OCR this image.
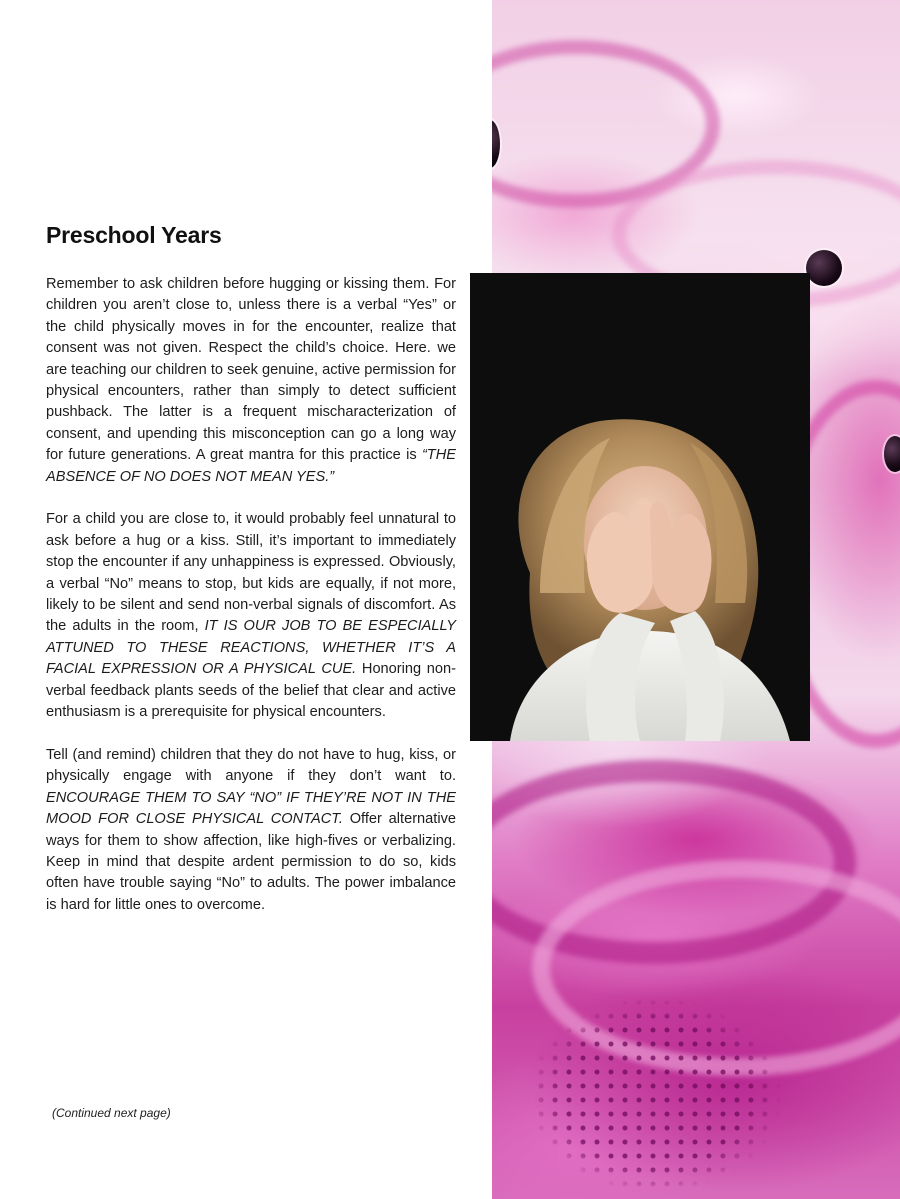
Preschool Years

Remember to ask children before hugging or kissing them. For children you aren’t close to, unless there is a verbal “Yes” or the child physically moves in for the encounter, realize that consent was not given. Respect the child’s choice. Here. we are teaching our children to seek genuine, active permission for physical encounters, rather than simply to detect sufficient pushback. The latter is a frequent mischaracterization of consent, and upending this misconception can go a long way for future generations. A great mantra for this practice is “THE ABSENCE OF NO DOES NOT MEAN YES.”

For a child you are close to, it would probably feel unnatural to ask before a hug or a kiss. Still, it’s important to immediately stop the encounter if any unhappiness is expressed. Obviously, a verbal “No” means to stop, but kids are equally, if not more, likely to be silent and send non-verbal signals of discomfort. As the adults in the room, IT IS OUR JOB TO BE ESPECIALLY ATTUNED TO THESE REACTIONS, WHETHER IT’S A FACIAL EXPRESSION OR A PHYSICAL CUE. Honoring non-verbal feedback plants seeds of the belief that clear and active enthusiasm is a prerequisite for physical encounters.

Tell (and remind) children that they do not have to hug, kiss, or physically engage with anyone if they don’t want to. ENCOURAGE THEM TO SAY “NO” IF THEY’RE NOT IN THE MOOD FOR CLOSE PHYSICAL CONTACT. Offer alternative ways for them to show affection, like high-fives or verbalizing. Keep in mind that despite ardent permission to do so, kids often have trouble saying “No” to adults. The power imbalance is hard for little ones to overcome.

(Continued next page)
